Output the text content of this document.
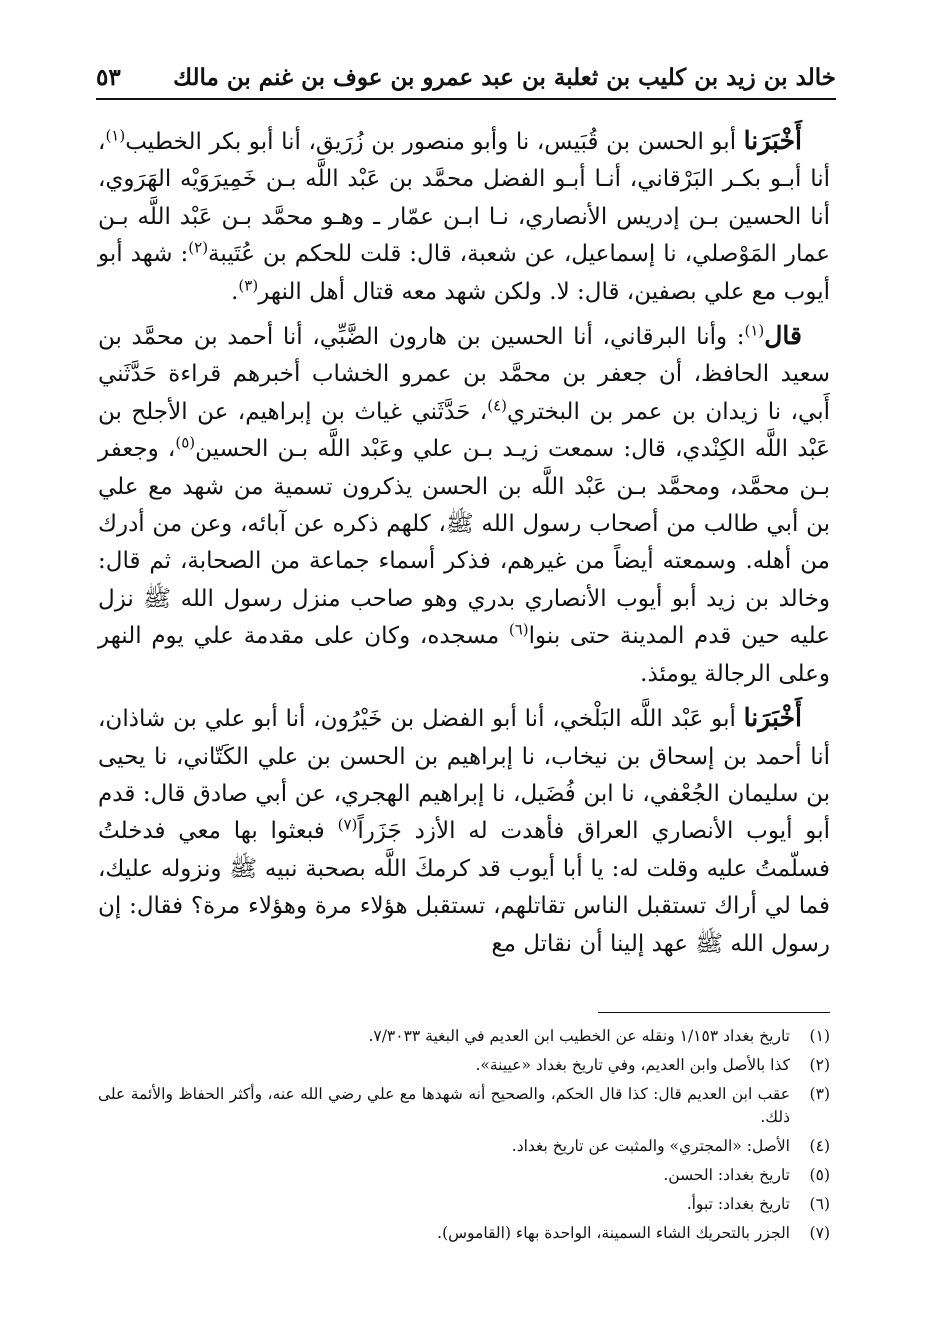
خالد بن زيد بن كليب بن ثعلبة بن عبد عمرو بن عوف بن غنم بن مالك
٥٣

أَخْبَرَنا أبو الحسن بن قُبَيس، نا وأبو منصور بن زُرَيق، أنا أبو بكر الخطيب$^{(١)}$، أنا أبـو بكـر البَرْقاني، أنـا أبـو الفضل محمَّد بن عَبْد اللَّه بـن خَمِيرَوَيْه الهَرَوي، أنا الحسين بـن إدريس الأنصاري، نـا ابـن عمّار ـ وهـو محمَّد بـن عَبْد اللَّه بـن عمار المَوْصلي، نا إسماعيل، عن شعبة، قال: قلت للحكم بن عُتَيبة$^{(٢)}$: شهد أبو أيوب مع علي بصفين، قال: لا. ولكن شهد معه قتال أهل النهر$^{(٣)}$.

قال$^{(١)}$: وأنا البرقاني، أنا الحسين بن هارون الضَّبِّي، أنا أحمد بن محمَّد بن سعيد الحافظ، أن جعفر بن محمَّد بن عمرو الخشاب أخبرهم قراءة حَدَّثَني أَبي، نا زيدان بن عمر بن البختري$^{(٤)}$، حَدَّثَني غياث بن إبراهيم، عن الأجلح بن عَبْد اللَّه الكِنْدي، قال: سمعت زيـد بـن علي وعَبْد اللَّه بـن الحسين$^{(٥)}$، وجعفر بـن محمَّد، ومحمَّد بـن عَبْد اللَّه بن الحسن يذكرون تسمية من شهد مع علي بن أبي طالب من أصحاب رسول الله ﷺ، كلهم ذكره عن آبائه، وعن من أدرك من أهله. وسمعته أيضاً من غيرهم، فذكر أسماء جماعة من الصحابة، ثم قال: وخالد بن زيد أبو أيوب الأنصاري بدري وهو صاحب منزل رسول الله ﷺ نزل عليه حين قدم المدينة حتى بنوا$^{(٦)}$ مسجده، وكان على مقدمة علي يوم النهر وعلى الرجالة يومئذ.

أَخْبَرَنا أبو عَبْد اللَّه البَلْخي، أنا أبو الفضل بن خَيْرُون، أنا أبو علي بن شاذان، أنا أحمد بن إسحاق بن نيخاب، نا إبراهيم بن الحسن بن علي الكَتّاني، نا يحيى بن سليمان الجُعْفي، نا ابن فُضَيل، نا إبراهيم الهجري، عن أبي صادق قال: قدم أبو أيوب الأنصاري العراق فأهدت له الأزد جَزَراً$^{(٧)}$ فبعثوا بها معي فدخلتُ فسلّمتُ عليه وقلت له: يا أبا أيوب قد كرمكَ اللَّه بصحبة نبيه ﷺ ونزوله عليك، فما لي أراك تستقبل الناس تقاتلهم، تستقبل هؤلاء مرة وهؤلاء مرة؟ فقال: إن رسول الله ﷺ عهد إلينا أن نقاتل مع

(١)
تاريخ بغداد ١/١٥٣ ونقله عن الخطيب ابن العديم في البغية ٧/٣٠٣٣.
(٢)
كذا بالأصل وابن العديم، وفي تاريخ بغداد «عيينة».
(٣)
عقب ابن العديم قال: كذا قال الحكم، والصحيح أنه شهدها مع علي رضي الله عنه، وأكثر الحفاظ والأئمة على ذلك.
(٤)
الأصل: «المجتري» والمثبت عن تاريخ بغداد.
(٥)
تاريخ بغداد: الحسن.
(٦)
تاريخ بغداد: تبوأ.
(٧)
الجزر بالتحريك الشاء السمينة، الواحدة بهاء (القاموس).
